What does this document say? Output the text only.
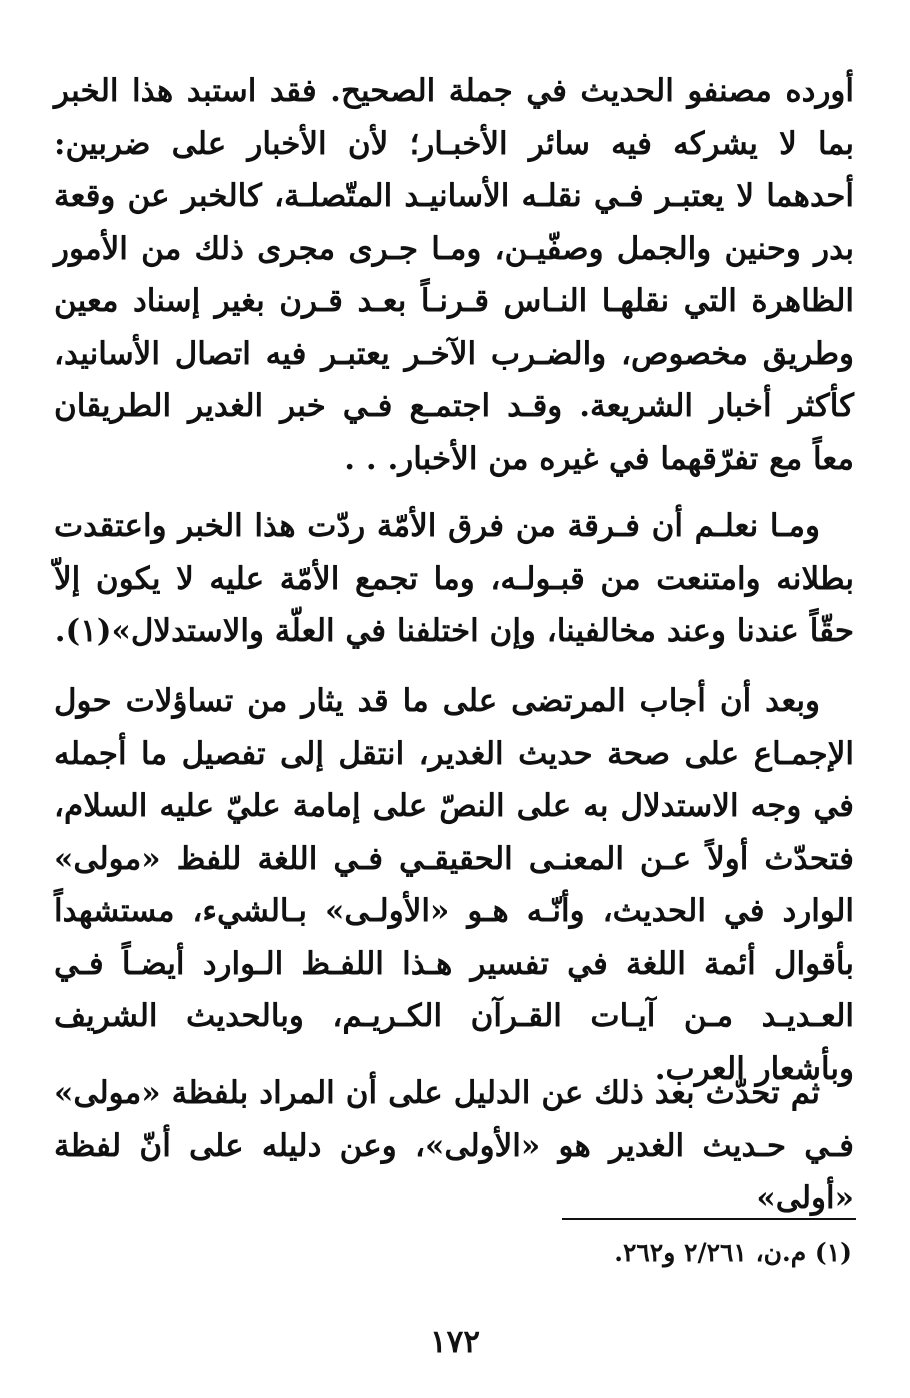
أورده مصنفو الحديث في جملة الصحيح. فقد استبد هذا الخبر بما لا يشركه فيه سائر الأخبـار؛ لأن الأخبار على ضربين: أحدهما لا يعتبـر فـي نقلـه الأسانيـد المتّصلـة، كالخبر عن وقعة بدر وحنين والجمل وصفّيـن، ومـا جـرى مجرى ذلك من الأمور الظاهرة التي نقلهـا النـاس قـرنـاً بعـد قـرن بغير إسناد معين وطريق مخصوص، والضـرب الآخـر يعتبـر فيه اتصال الأسانيد، كأكثر أخبار الشريعة. وقـد اجتمـع فـي خبر الغدير الطريقان معاً مع تفرّقهما في غيره من الأخبار. . .
ومـا نعلـم أن فـرقة من فرق الأمّة ردّت هذا الخبر واعتقدت بطلانه وامتنعت من قبـولـه، وما تجمع الأمّة عليه لا يكون إلاّ حقّاً عندنا وعند مخالفينا، وإن اختلفنا في العلّة والاستدلال»(١).
وبعد أن أجاب المرتضى على ما قد يثار من تساؤلات حول الإجمـاع على صحة حديث الغدير، انتقل إلى تفصيل ما أجمله في وجه الاستدلال به على النصّ على إمامة عليّ عليه السلام، فتحدّث أولاً عـن المعنـى الحقيقـي فـي اللغة للفظ «مولى» الوارد في الحديث، وأنّـه هـو «الأولـى» بـالشيء، مستشهداً بأقوال أئمة اللغة في تفسير هـذا اللفـظ الـوارد أيضـاً فـي العـديـد مـن آيـات القـرآن الكـريـم، وبالحديث الشريف وبأشعار العرب.
ثم تحدّث بعد ذلك عن الدليل على أن المراد بلفظة «مولى» فـي حـديث الغدير هو «الأولى»، وعن دليله على أنّ لفظة «أولى»
(١) م.ن، ٢/٢٦١ و٢٦٢.
١٧٢
